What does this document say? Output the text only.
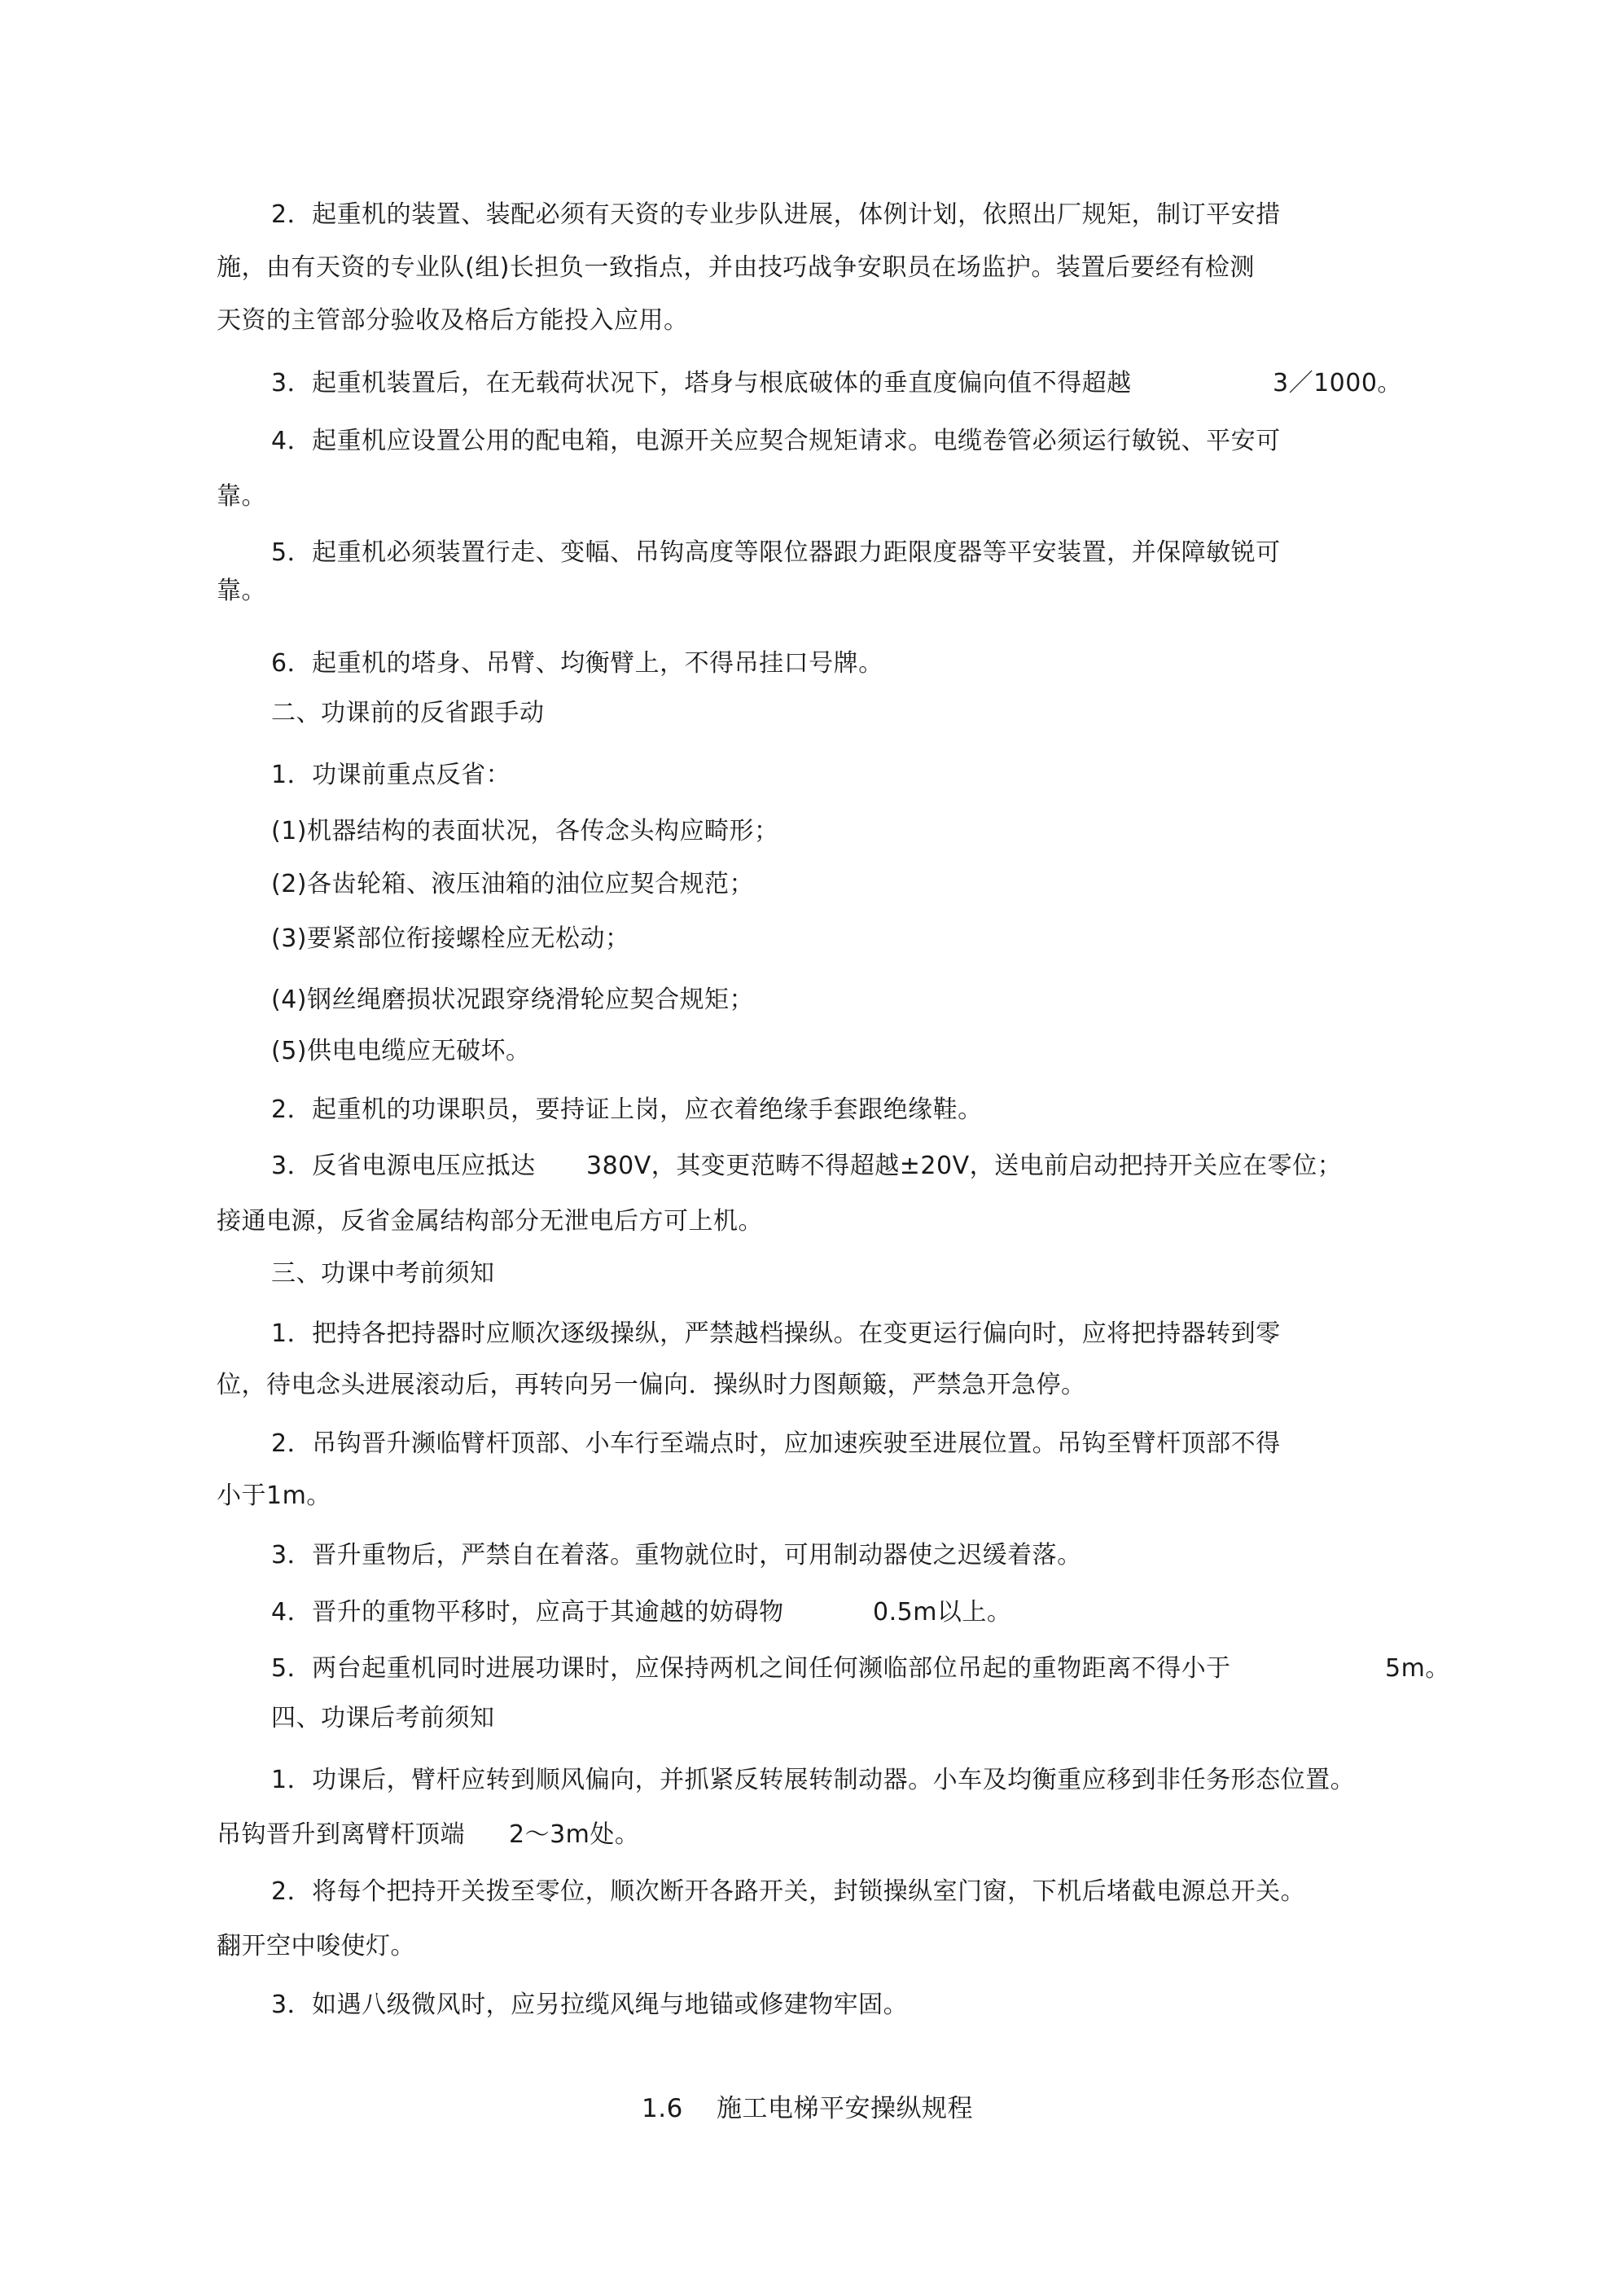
2．起重机的装置、装配必须有天资的专业步队进展，体例计划，依照出厂规矩，制订平安措
施，由有天资的专业队(组)长担负一致指点，并由技巧战争安职员在场监护。装置后要经有检测
天资的主管部分验收及格后方能投入应用。
3．起重机装置后，在无载荷状况下，塔身与根底破体的垂直度偏向值不得超越	3／1000。
4．起重机应设置公用的配电箱，电源开关应契合规矩请求。电缆卷管必须运行敏锐、平安可
靠。
5．起重机必须装置行走、变幅、吊钩高度等限位器跟力距限度器等平安装置，并保障敏锐可
靠。
6．起重机的塔身、吊臂、均衡臂上，不得吊挂口号牌。
二、功课前的反省跟手动
1．功课前重点反省：
(1)机器结构的表面状况，各传念头构应畸形；
(2)各齿轮箱、液压油箱的油位应契合规范；
(3)要紧部位衔接螺栓应无松动；
(4)钢丝绳磨损状况跟穿绕滑轮应契合规矩；
(5)供电电缆应无破坏。
2．起重机的功课职员，要持证上岗，应衣着绝缘手套跟绝缘鞋。
3．反省电源电压应抵达 380V，其变更范畴不得超越±20V，送电前启动把持开关应在零位；
接通电源，反省金属结构部分无泄电后方可上机。
三、功课中考前须知
1．把持各把持器时应顺次逐级操纵，严禁越档操纵。在变更运行偏向时，应将把持器转到零
位，待电念头进展滚动后，再转向另一偏向．操纵时力图颠簸，严禁急开急停。
2．吊钩晋升濒临臂杆顶部、小车行至端点时，应加速疾驶至进展位置。吊钩至臂杆顶部不得
小于1m。
3．晋升重物后，严禁自在着落。重物就位时，可用制动器使之迟缓着落。
4．晋升的重物平移时，应高于其逾越的妨碍物	0.5m以上。
5．两台起重机同时进展功课时，应保持两机之间任何濒临部位吊起的重物距离不得小于	5m。
四、功课后考前须知
1．功课后，臂杆应转到顺风偏向，并抓紧反转展转制动器。小车及均衡重应移到非任务形态位置。
吊钩晋升到离臂杆顶端 2～3m处。
2．将每个把持开关拨至零位，顺次断开各路开关，封锁操纵室门窗，下机后堵截电源总开关。
翻开空中唆使灯。
3．如遇八级微风时，应另拉缆风绳与地锚或修建物牢固。
1.6 施工电梯平安操纵规程
